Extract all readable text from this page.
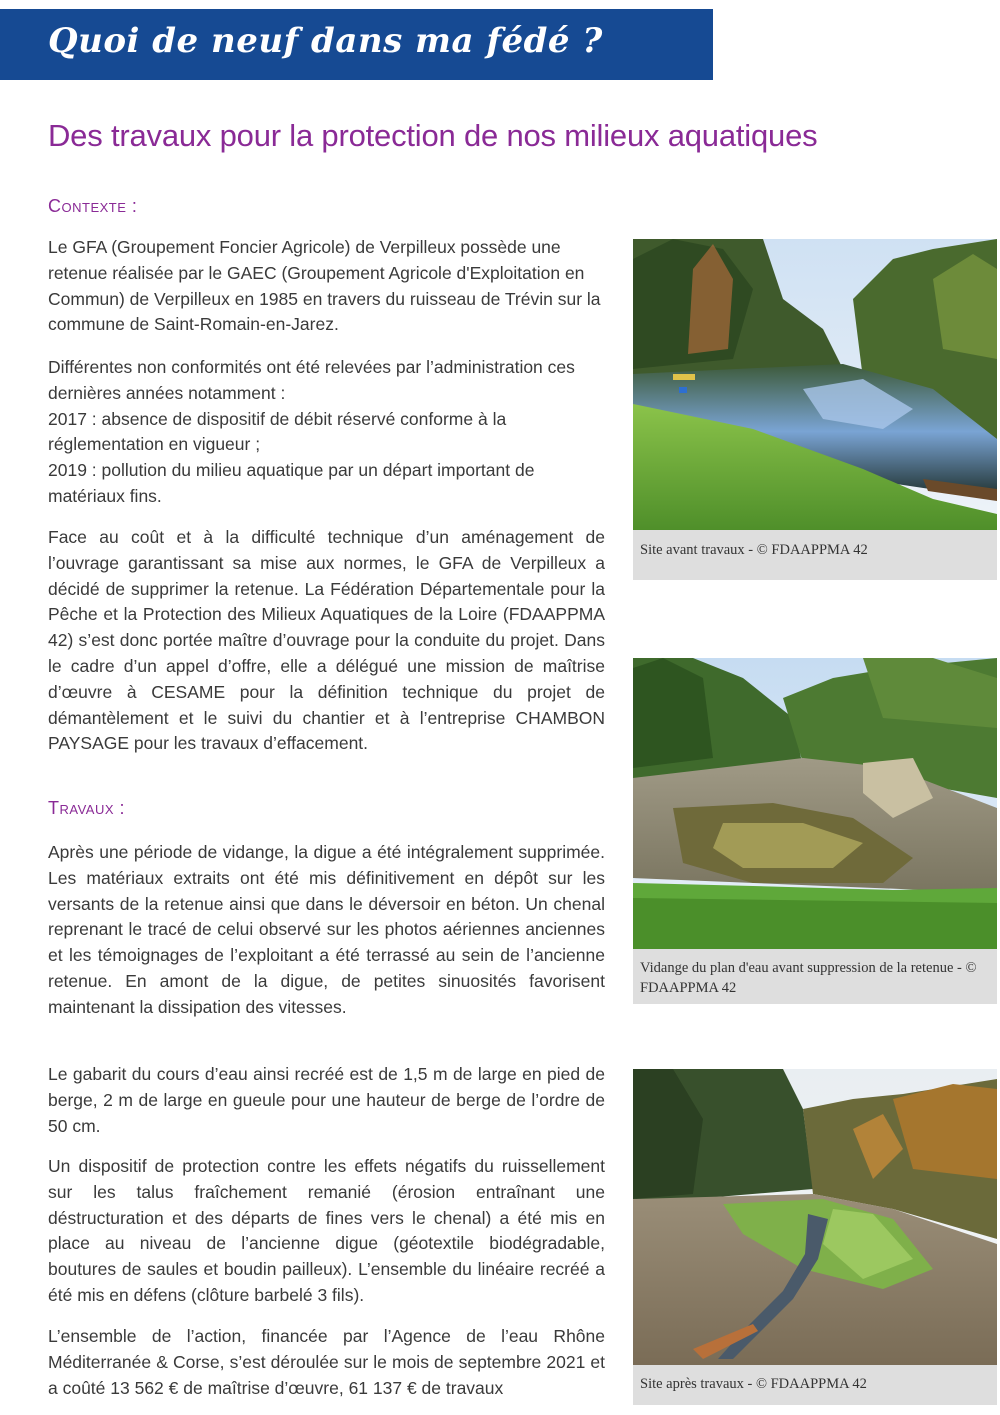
Quoi de neuf dans ma fédé ?
Des travaux pour la protection de nos milieux aquatiques
Contexte :

Le GFA (Groupement Foncier Agricole) de Verpilleux possède une retenue réalisée par le GAEC (Groupement Agricole d'Exploitation en Commun) de Verpilleux en 1985 en travers du ruisseau de Trévin sur la commune de Saint-Romain-en-Jarez.

Différentes non conformités ont été relevées par l’administration ces dernières années notamment :
2017 : absence de dispositif de débit réservé conforme à la réglementation en vigueur ;
2019 : pollution du milieu aquatique par un départ important de matériaux fins.

Face au coût et à la difficulté technique d’un aménagement de l’ouvrage garantissant sa mise aux normes, le GFA de Verpilleux a décidé de supprimer la retenue. La Fédération Départementale pour la Pêche et la Protection des Milieux Aquatiques de la Loire (FDAAPPMA 42) s’est donc portée maître d’ouvrage pour la conduite du projet. Dans le cadre d’un appel d’offre, elle a délégué une mission de maîtrise d’œuvre à CESAME pour la définition technique du projet de démantèlement et le suivi du chantier et à l’entreprise CHAMBON PAYSAGE pour les travaux d’effacement.

Travaux :

Après une période de vidange, la digue a été intégralement supprimée. Les matériaux extraits ont été mis définitivement en dépôt sur les versants de la retenue ainsi que dans le déversoir en béton. Un chenal reprenant le tracé de celui observé sur les photos aériennes anciennes et les témoignages de l’exploitant a été terrassé au sein de l’ancienne retenue. En amont de la digue, de petites sinuosités favorisent maintenant la dissipation des vitesses.

Le gabarit du cours d’eau ainsi recréé est de 1,5 m de large en pied de berge, 2 m de large en gueule pour une hauteur de berge de l’ordre de 50 cm.

Un dispositif de protection contre les effets négatifs du ruissellement sur les talus fraîchement remanié (érosion entraînant une déstructuration et des départs de fines vers le chenal) a été mis en place au niveau de l’ancienne digue (géotextile biodégradable, boutures de saules et boudin pailleux). L’ensemble du linéaire recréé a été mis en défens (clôture barbelé 3 fils).

L’ensemble de l’action, financée par l’Agence de l’eau Rhône Méditerranée & Corse, s’est déroulée sur le mois de septembre 2021 et a coûté 13 562 € de maîtrise d’œuvre, 61 137 € de travaux

Site avant travaux - © FDAAPPMA 42
Vidange du plan d'eau avant suppression de la retenue - © FDAAPPMA 42
Site après travaux - © FDAAPPMA 42
